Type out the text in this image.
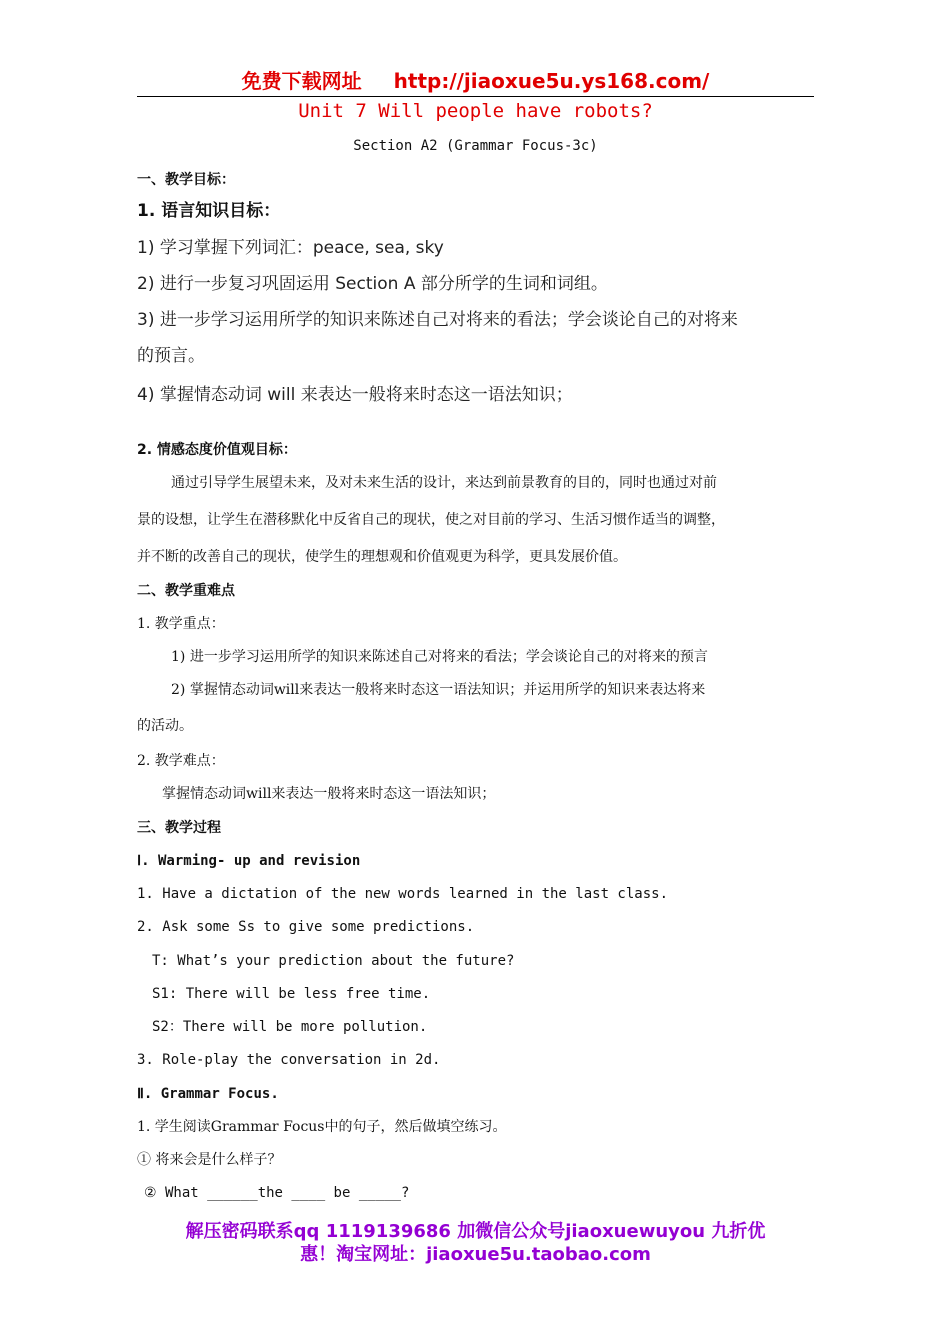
免费下载网址 http://jiaoxue5u.ys168.com/
Unit 7 Will people have robots?
Section A2 (Grammar Focus-3c)
一、教学目标：
1. 语言知识目标：
1) 学习掌握下列词汇：peace, sea, sky
2) 进行一步复习巩固运用 Section A 部分所学的生词和词组。
3) 进一步学习运用所学的知识来陈述自己对将来的看法；学会谈论自己的对将来
的预言。
4) 掌握情态动词 will 来表达一般将来时态这一语法知识；
2. 情感态度价值观目标：
通过引导学生展望未来，及对未来生活的设计，来达到前景教育的目的，同时也通过对前
景的设想，让学生在潜移默化中反省自己的现状，使之对目前的学习、生活习惯作适当的调整，
并不断的改善自己的现状，使学生的理想观和价值观更为科学，更具发展价值。
二、教学重难点
1. 教学重点：
1) 进一步学习运用所学的知识来陈述自己对将来的看法；学会谈论自己的对将来的预言
2) 掌握情态动词will来表达一般将来时态这一语法知识；并运用所学的知识来表达将来
的活动。
2. 教学难点：
掌握情态动词will来表达一般将来时态这一语法知识；
三、教学过程
Ⅰ. Warming- up and revision
1. Have a dictation of the new words learned in the last class.
2. Ask some Ss to give some predictions.
T: What’s your prediction about the future?
S1: There will be less free time.
S2：There will be more pollution.
3. Role-play the conversation in 2d.
Ⅱ. Grammar Focus.
1. 学生阅读Grammar Focus中的句子，然后做填空练习。
① 将来会是什么样子？
② What ______the ____ be _____?
解压密码联系qq 1119139686 加微信公众号jiaoxuewuyou 九折优
惠！淘宝网址：jiaoxue5u.taobao.com
